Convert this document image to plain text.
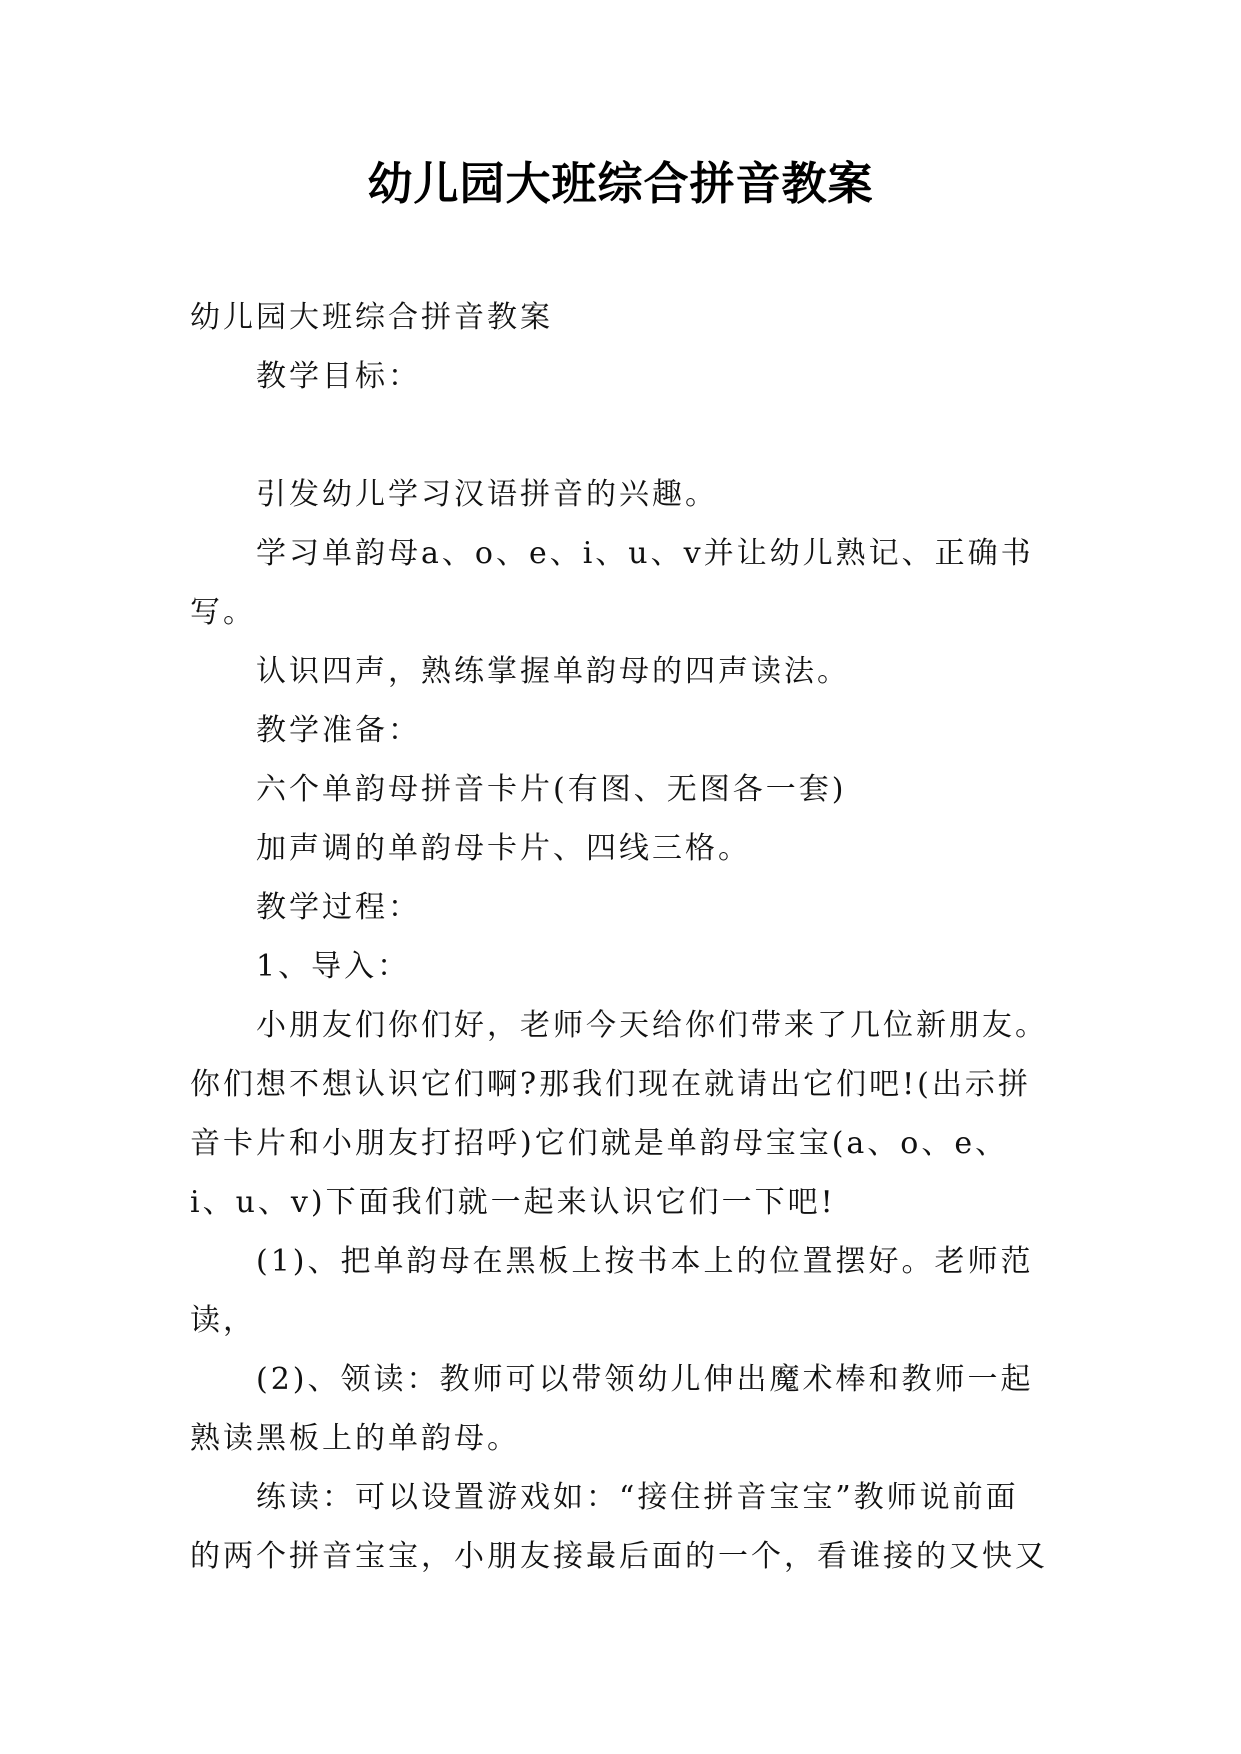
幼儿园大班综合拼音教案

幼儿园大班综合拼音教案

教学目标：

引发幼儿学习汉语拼音的兴趣。

学习单韵母a、o、e、i、u、v并让幼儿熟记、正确书写。

认识四声，熟练掌握单韵母的四声读法。

教学准备：

六个单韵母拼音卡片(有图、无图各一套)

加声调的单韵母卡片、四线三格。

教学过程：

1、导入：

小朋友们你们好，老师今天给你们带来了几位新朋友。你们想不想认识它们啊?那我们现在就请出它们吧!(出示拼音卡片和小朋友打招呼)它们就是单韵母宝宝(a、o、e、i、u、v)下面我们就一起来认识它们一下吧!

(1)、把单韵母在黑板上按书本上的位置摆好。老师范读，

(2)、领读：教师可以带领幼儿伸出魔术棒和教师一起熟读黑板上的单韵母。

练读：可以设置游戏如：“接住拼音宝宝”教师说前面的两个拼音宝宝，小朋友接最后面的一个，看谁接的又快又
